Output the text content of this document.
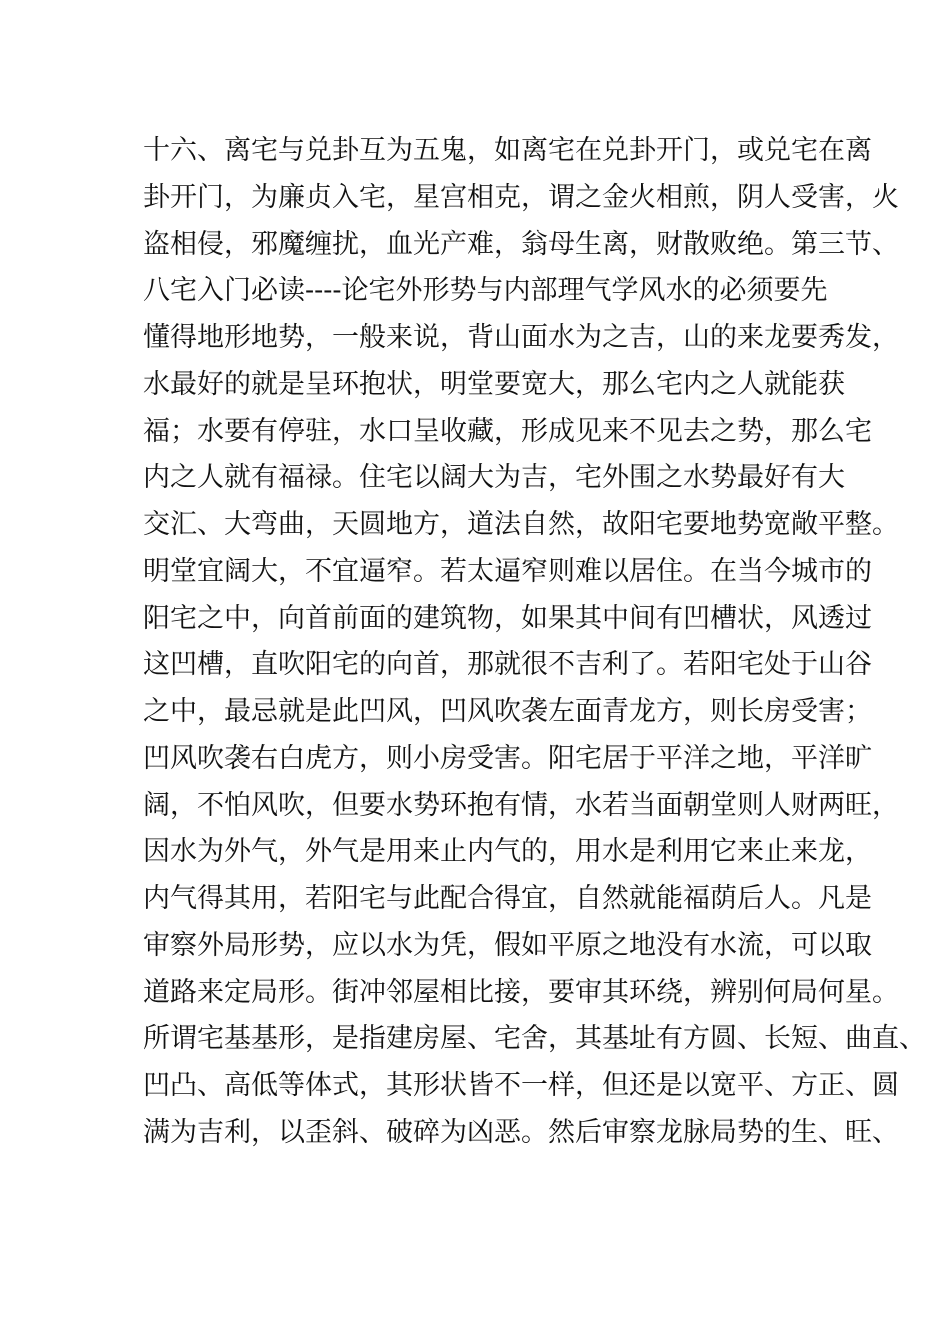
十六、离宅与兑卦互为五鬼，如离宅在兑卦开门，或兑宅在离
卦开门，为廉贞入宅，星宫相克，谓之金火相煎，阴人受害，火
盗相侵，邪魔缠扰，血光产难，翁母生离，财散败绝。第三节、
八宅入门必读----论宅外形势与内部理气学风水的必须要先
懂得地形地势，一般来说，背山面水为之吉，山的来龙要秀发，
水最好的就是呈环抱状，明堂要宽大，那么宅内之人就能获
福；水要有停驻，水口呈收藏，形成见来不见去之势，那么宅
内之人就有福禄。住宅以阔大为吉，宅外围之水势最好有大
交汇、大弯曲，天圆地方，道法自然，故阳宅要地势宽敞平整。
明堂宜阔大，不宜逼窄。若太逼窄则难以居住。在当今城市的
阳宅之中，向首前面的建筑物，如果其中间有凹槽状，风透过
这凹槽，直吹阳宅的向首，那就很不吉利了。若阳宅处于山谷
之中，最忌就是此凹风，凹风吹袭左面青龙方，则长房受害；
凹风吹袭右白虎方，则小房受害。阳宅居于平洋之地，平洋旷
阔，不怕风吹，但要水势环抱有情，水若当面朝堂则人财两旺，
因水为外气，外气是用来止内气的，用水是利用它来止来龙，
内气得其用，若阳宅与此配合得宜，自然就能福荫后人。凡是
审察外局形势，应以水为凭，假如平原之地没有水流，可以取
道路来定局形。街冲邻屋相比接，要审其环绕，辨别何局何星。
所谓宅基基形，是指建房屋、宅舍，其基址有方圆、长短、曲直、
凹凸、高低等体式，其形状皆不一样，但还是以宽平、方正、圆
满为吉利，以歪斜、破碎为凶恶。然后审察龙脉局势的生、旺、
